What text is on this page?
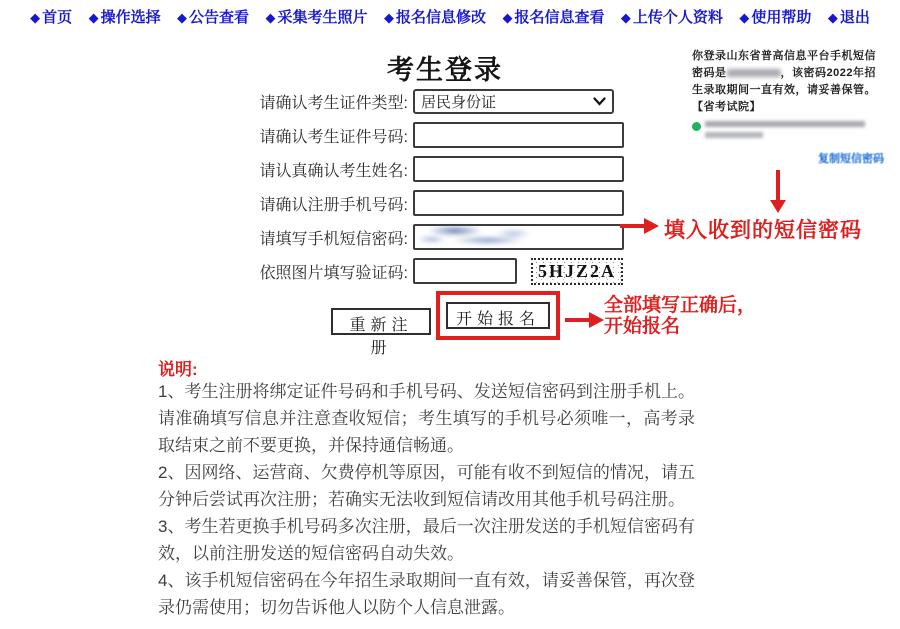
◆ 首页 ◆ 操作选择 ◆ 公告查看 ◆ 采集考生照片 ◆ 报名信息修改 ◆ 报名信息查看 ◆ 上传个人资料 ◆ 使用帮助 ◆ 退出
考生登录
请确认考生证件类型: 居民身份证
请确认考生证件号码:
请认真确认考生姓名:
请确认注册手机号码:
请填写手机短信密码:
依照图片填写验证码:	5HJZ2A
重新注册
开始报名
填入收到的短信密码
全部填写正确后，
开始报名
你登录山东省普高信息平台手机短信密码是	，该密码2022年招生录取期间一直有效，请妥善保管。【省考试院】
复制短信密码
说明:

1、考生注册将绑定证件号码和手机号码、发送短信密码到注册手机上。请准确填写信息并注意查收短信；考生填写的手机号必须唯一，高考录取结束之前不要更换，并保持通信畅通。

2、因网络、运营商、欠费停机等原因，可能有收不到短信的情况，请五分钟后尝试再次注册；若确实无法收到短信请改用其他手机号码注册。

3、考生若更换手机号码多次注册，最后一次注册发送的手机短信密码有效，以前注册发送的短信密码自动失效。

4、该手机短信密码在今年招生录取期间一直有效，请妥善保管，再次登录仍需使用；切勿告诉他人以防个人信息泄露。
